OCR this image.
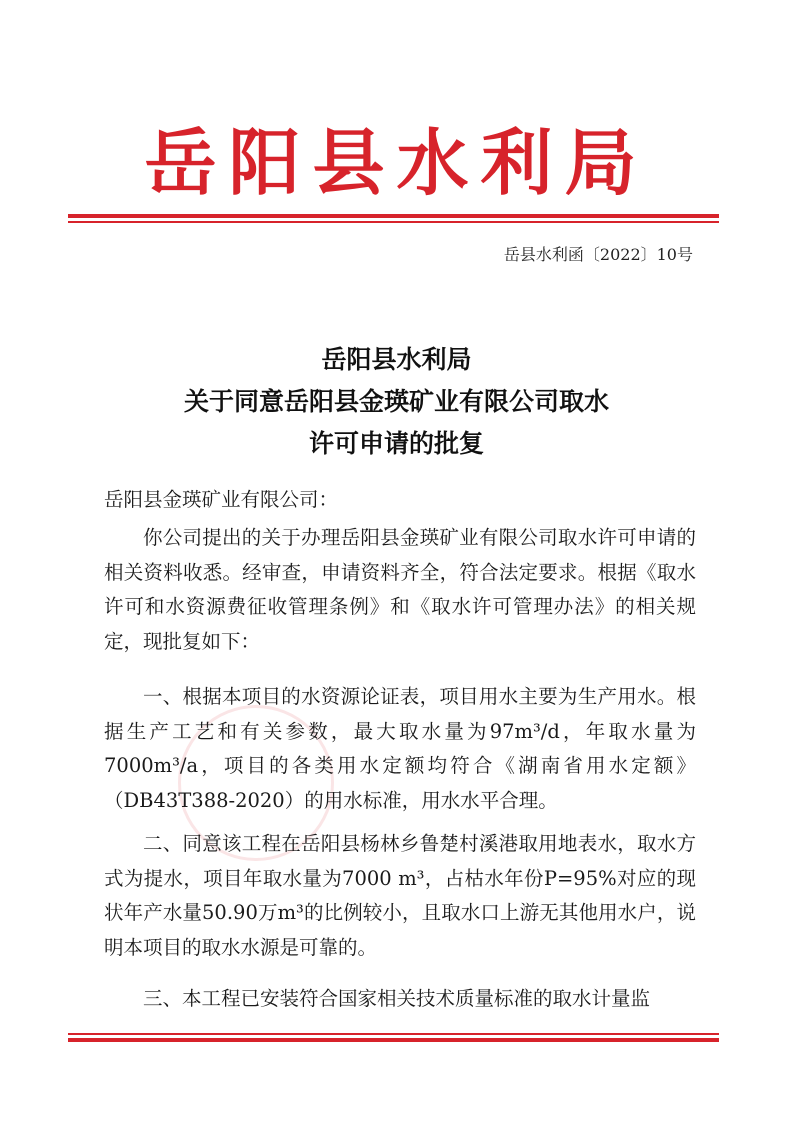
岳阳县水利局
岳县水利函〔2022〕10号
岳阳县水利局
关于同意岳阳县金瑛矿业有限公司取水
许可申请的批复
岳阳县金瑛矿业有限公司：

你公司提出的关于办理岳阳县金瑛矿业有限公司取水许可申请的相关资料收悉。经审查，申请资料齐全，符合法定要求。根据《取水许可和水资源费征收管理条例》和《取水许可管理办法》的相关规定，现批复如下：

一、根据本项目的水资源论证表，项目用水主要为生产用水。根据生产工艺和有关参数，最大取水量为97m³/d，年取水量为7000m³/a，项目的各类用水定额均符合《湖南省用水定额》（DB43T388-2020）的用水标准，用水水平合理。

二、同意该工程在岳阳县杨林乡鲁楚村溪港取用地表水，取水方式为提水，项目年取水量为7000 m³，占枯水年份P=95%对应的现状年产水量50.90万m³的比例较小，且取水口上游无其他用水户，说明本项目的取水水源是可靠的。

三、本工程已安装符合国家相关技术质量标准的取水计量监
